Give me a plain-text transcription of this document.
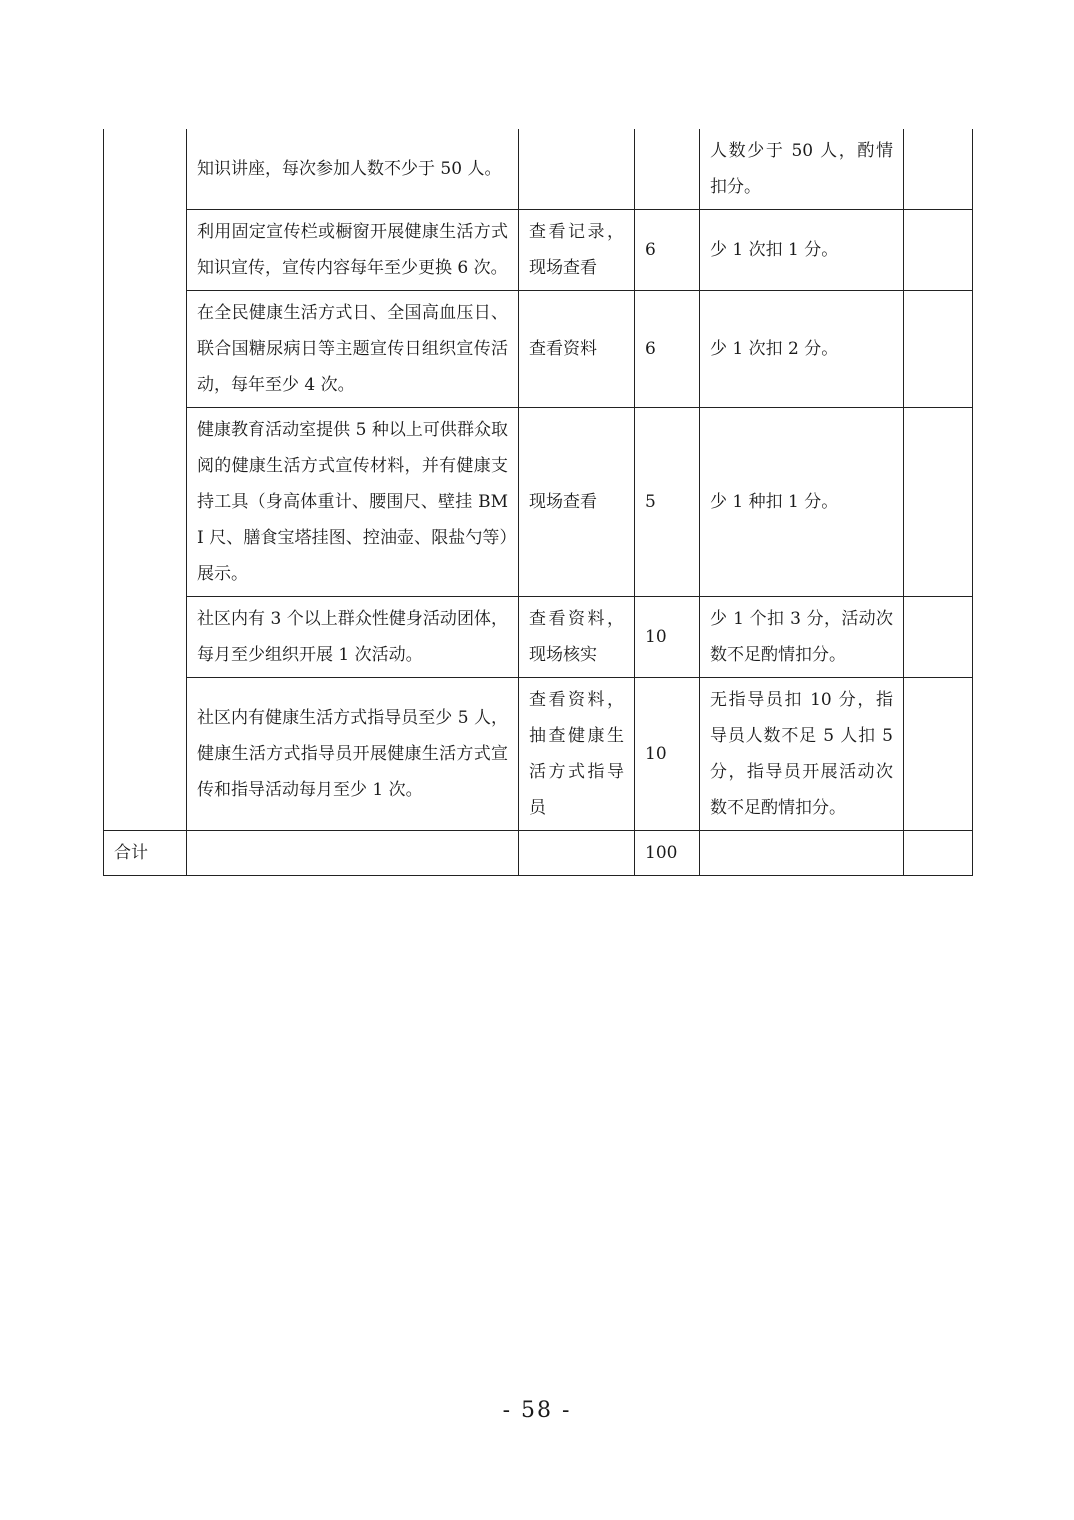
	知识讲座，每次参加人数不少于 50 人。			人数少于 50 人，酌情扣分。	
	利用固定宣传栏或橱窗开展健康生活方式知识宣传，宣传内容每年至少更换 6 次。	查看记录，现场查看	6	少 1 次扣 1 分。	
	在全民健康生活方式日、全国高血压日、联合国糖尿病日等主题宣传日组织宣传活动，每年至少 4 次。	查看资料	6	少 1 次扣 2 分。	
	健康教育活动室提供 5 种以上可供群众取阅的健康生活方式宣传材料，并有健康支持工具（身高体重计、腰围尺、壁挂 BMI 尺、膳食宝塔挂图、控油壶、限盐勺等）展示。	现场查看	5	少 1 种扣 1 分。	
	社区内有 3 个以上群众性健身活动团体，每月至少组织开展 1 次活动。	查看资料，现场核实	10	少 1 个扣 3 分，活动次数不足酌情扣分。	
	社区内有健康生活方式指导员至少 5 人，健康生活方式指导员开展健康生活方式宣传和指导活动每月至少 1 次。	查看资料，抽查健康生活方式指导员	10	无指导员扣 10 分，指导员人数不足 5 人扣 5 分，指导员开展活动次数不足酌情扣分。	
合计			100		
- 58 -
